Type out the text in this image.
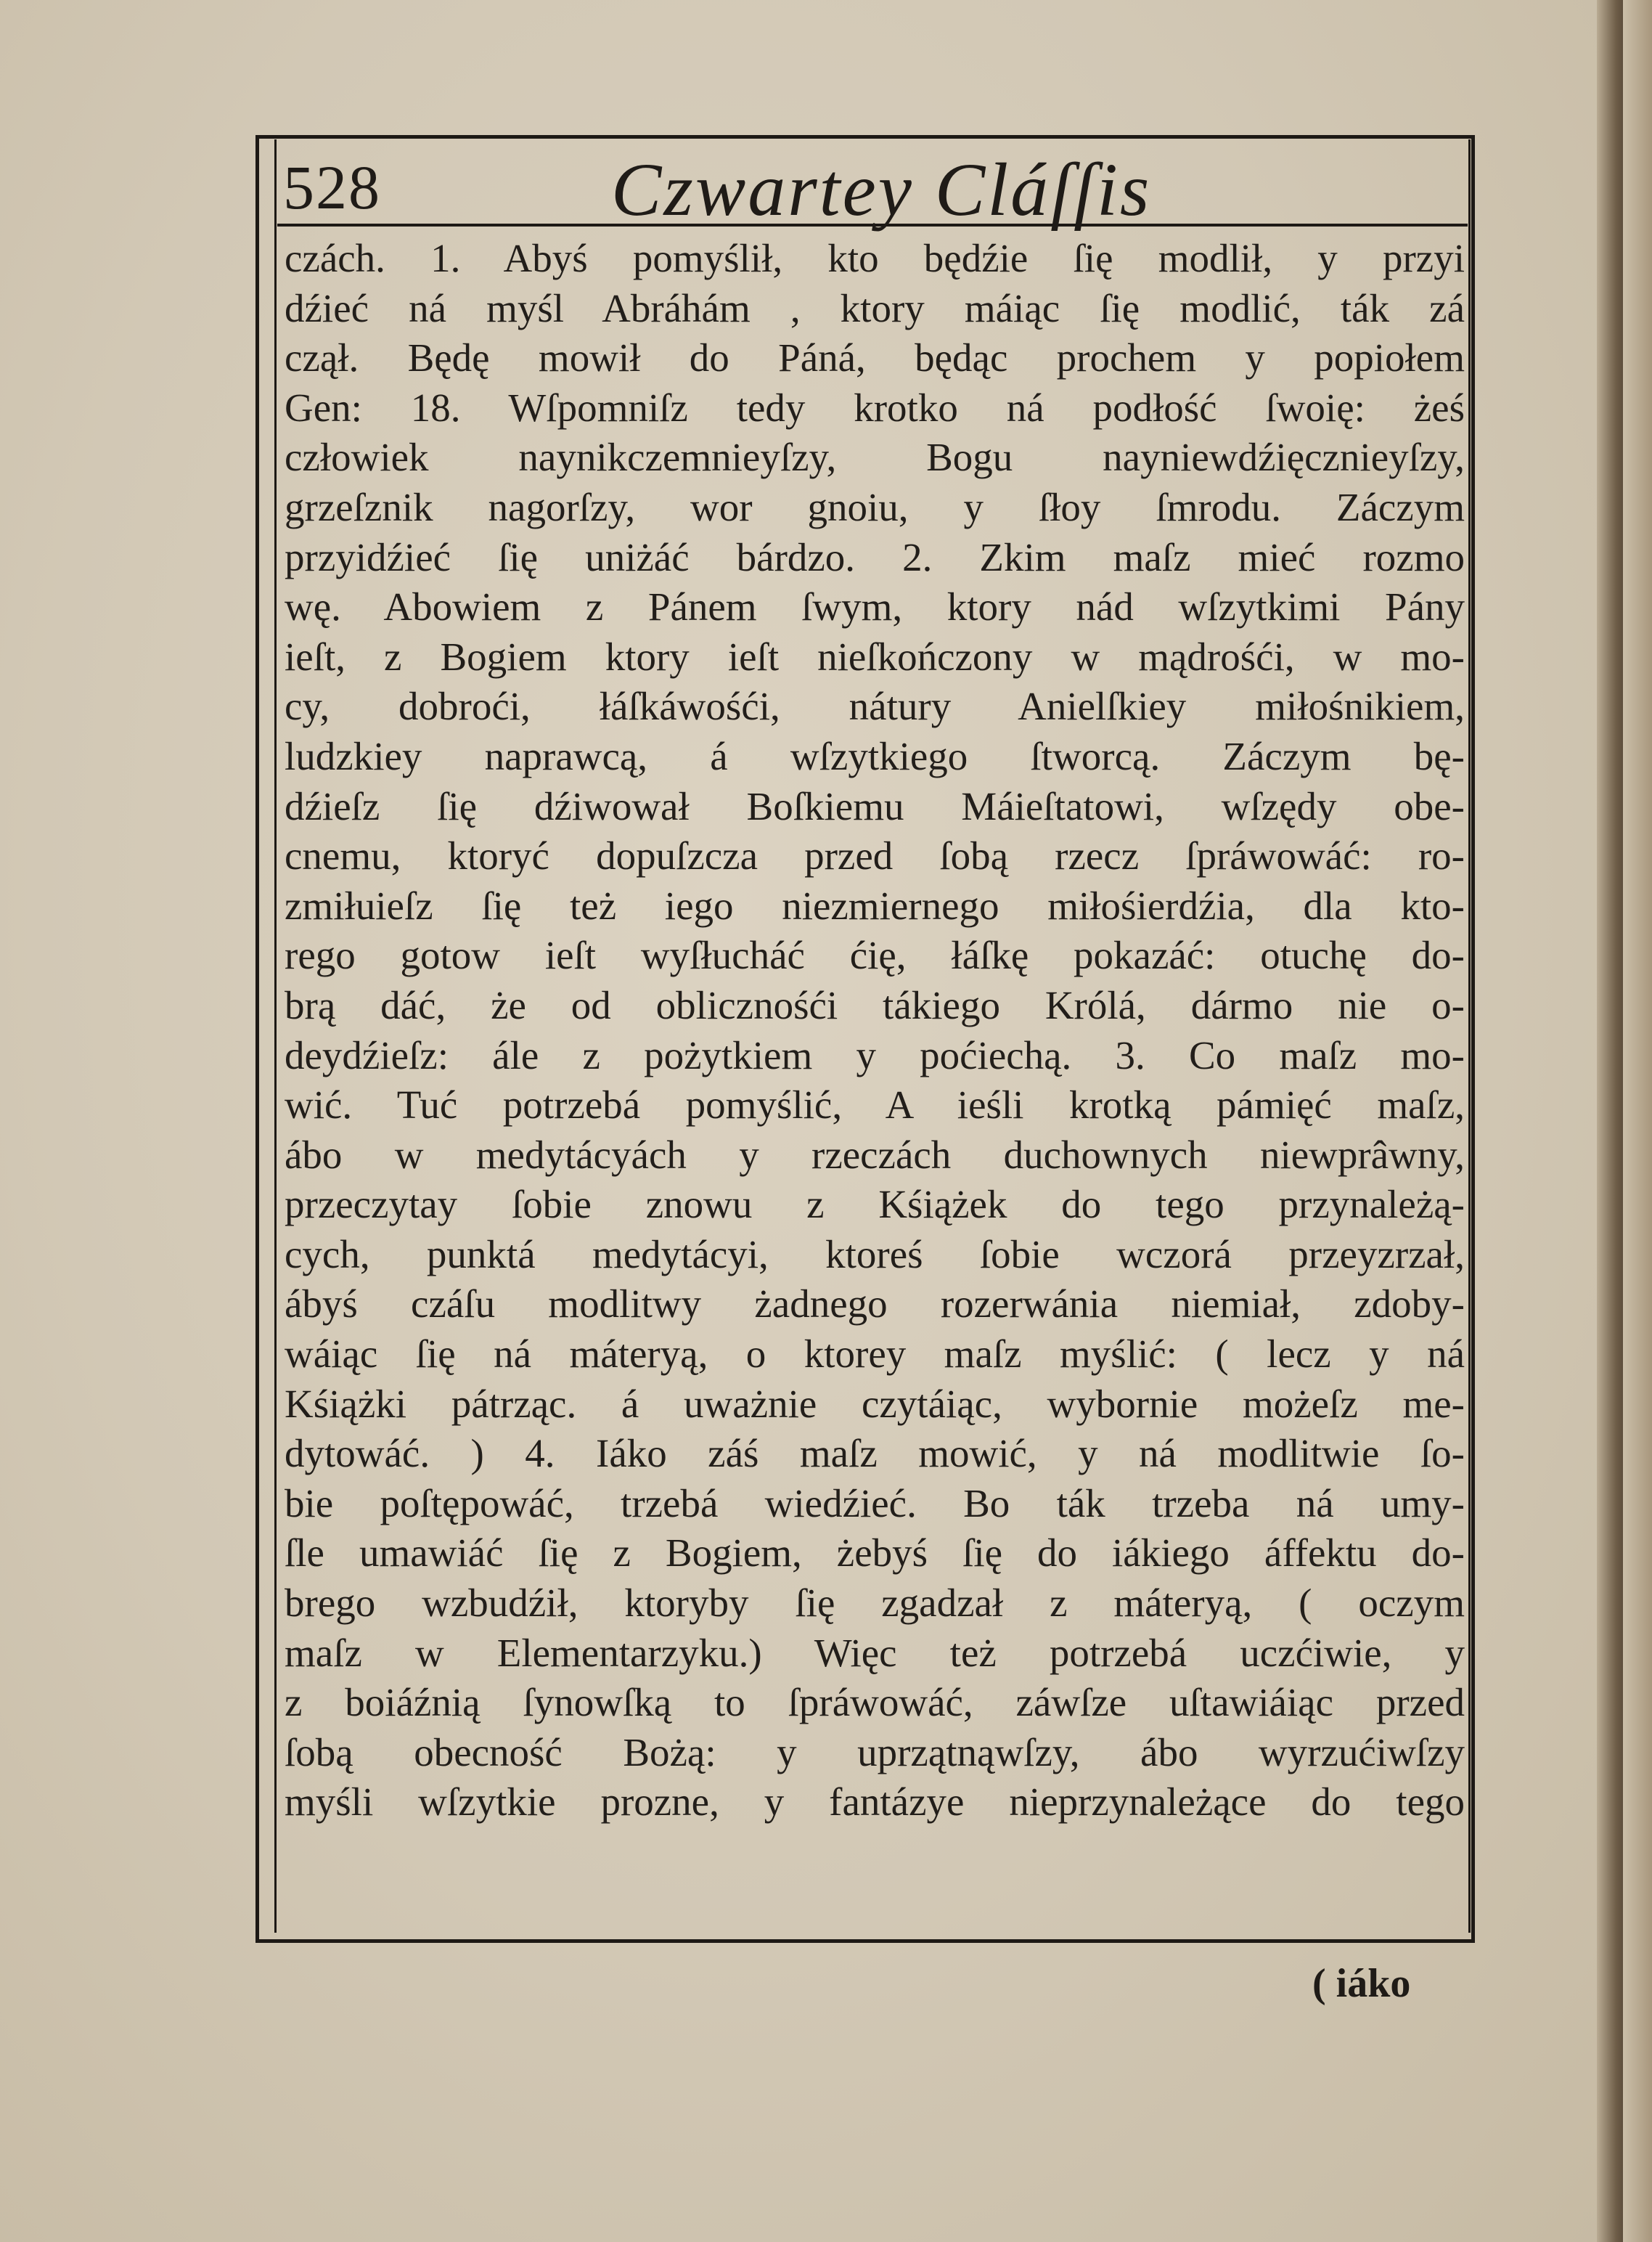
528	Czwartey Cláſſis
czách. 1. Abyś pomyślił, kto będźie ſię modlił, y przyi
dźieć ná myśl Abráhám , ktory máiąc ſię modlić, ták zá
czął. Będę mowił do Páná, będąc prochem y popiołem
Gen: 18. Wſpomniſz tedy krotko ná podłość ſwoię: żeś
człowiek naynikczemnieyſzy, Bogu nayniewdźięcznieyſzy,
grzeſznik nagorſzy, wor gnoiu, y ſłoy ſmrodu. Záczym
przyidźieć ſię uniżáć bárdzo. 2. Zkim maſz mieć rozmo
wę. Abowiem z Pánem ſwym, ktory nád wſzytkimi Pány
ieſt, z Bogiem ktory ieſt nieſkończony w mądrośći, w mo-
cy, dobroći, łáſkáwośći, nátury Anielſkiey miłośnikiem,
ludzkiey naprawcą, á wſzytkiego ſtworcą. Záczym bę-
dźieſz ſię dźiwował Boſkiemu Máieſtatowi, wſzędy obe-
cnemu, ktoryć dopuſzcza przed ſobą rzecz ſpráwowáć: ro-
zmiłuieſz ſię też iego niezmiernego miłośierdźia, dla kto-
rego gotow ieſt wyſłucháć ćię, łáſkę pokazáć: otuchę do-
brą dáć, że od oblicznośći tákiego Królá, dármo nie o-
deydźieſz: ále z pożytkiem y poćiechą. 3. Co maſz mo-
wić. Tuć potrzebá pomyślić, A ieśli krotką pámięć maſz,
ábo w medytácyách y rzeczách duchownych niewprâwny,
przeczytay ſobie znowu z Kśiążek do tego przynależą-
cych, punktá medytácyi, ktoreś ſobie wczorá przeyzrzał,
ábyś czáſu modlitwy żadnego rozerwánia niemiał, zdoby-
wáiąc ſię ná máteryą, o ktorey maſz myślić: ( lecz y ná
Kśiążki pátrząc. á uważnie czytáiąc, wybornie możeſz me-
dytowáć. ) 4. Iáko záś maſz mowić, y ná modlitwie ſo-
bie poſtępowáć, trzebá wiedźieć. Bo ták trzeba ná umy-
ſle umawiáć ſię z Bogiem, żebyś ſię do iákiego áffektu do-
brego wzbudźił, ktoryby ſię zgadzał z máteryą, ( oczym
maſz w Elementarzyku.) Więc też potrzebá uczćiwie, y
z boiáźnią ſynowſką to ſpráwowáć, záwſze uſtawiáiąc przed
ſobą obecność Bożą: y uprzątnąwſzy, ábo wyrzućiwſzy
myśli wſzytkie prozne, y fantázye nieprzynależące do tego
( iáko
